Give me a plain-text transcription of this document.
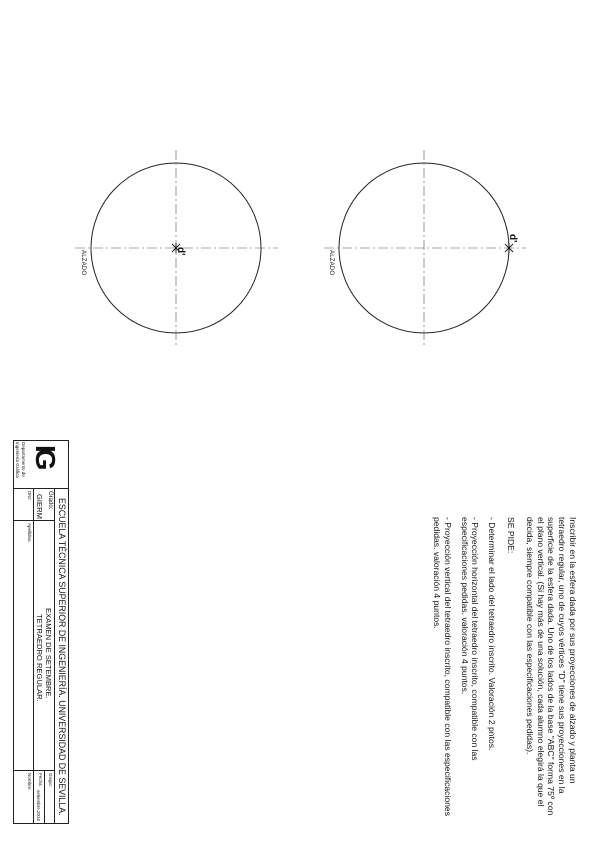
ALZADO	ALZADO
d'
d'

Inscribir en la esfera dada por sus proyecciones de alzado y planta un tetraedro regular, uno de cuyos vértices "D" tiene sus proyecciones en la superficie de la esfera dada. Uno de los lados de la base "ABC" forma 75º con el plano vertical. (Si hay más de una solución, cada alumno elegirá la que el decida, siempre compatible con las especificaciones pedidas).

SE PIDE:

- Determinar el lado del tetraedro inscrito. Valoración 2 pntos.

- Proyección horizontal del tetraedro inscrito, compatible con las especificaciones pedidas. valoración 4 puntos.

- Proyección vertical del tetraedro inscrito, compatible con las especificaciones pedidas. valoración 4 puntos.

IG
Departamento de
Ingeniería Gráfica
ESCUELA TÉCNICA SUPERIOR DE INGENIERÍA. UNIVERSIDAD DE SEVILLA.
Grado:
GIERM
EXAMEN DE SETEMBRE.
TETRAEDRO REGULAR.
Grupo:
Fecha:
setiembre,2016
DNI:
Apellidos:
Nombre:
